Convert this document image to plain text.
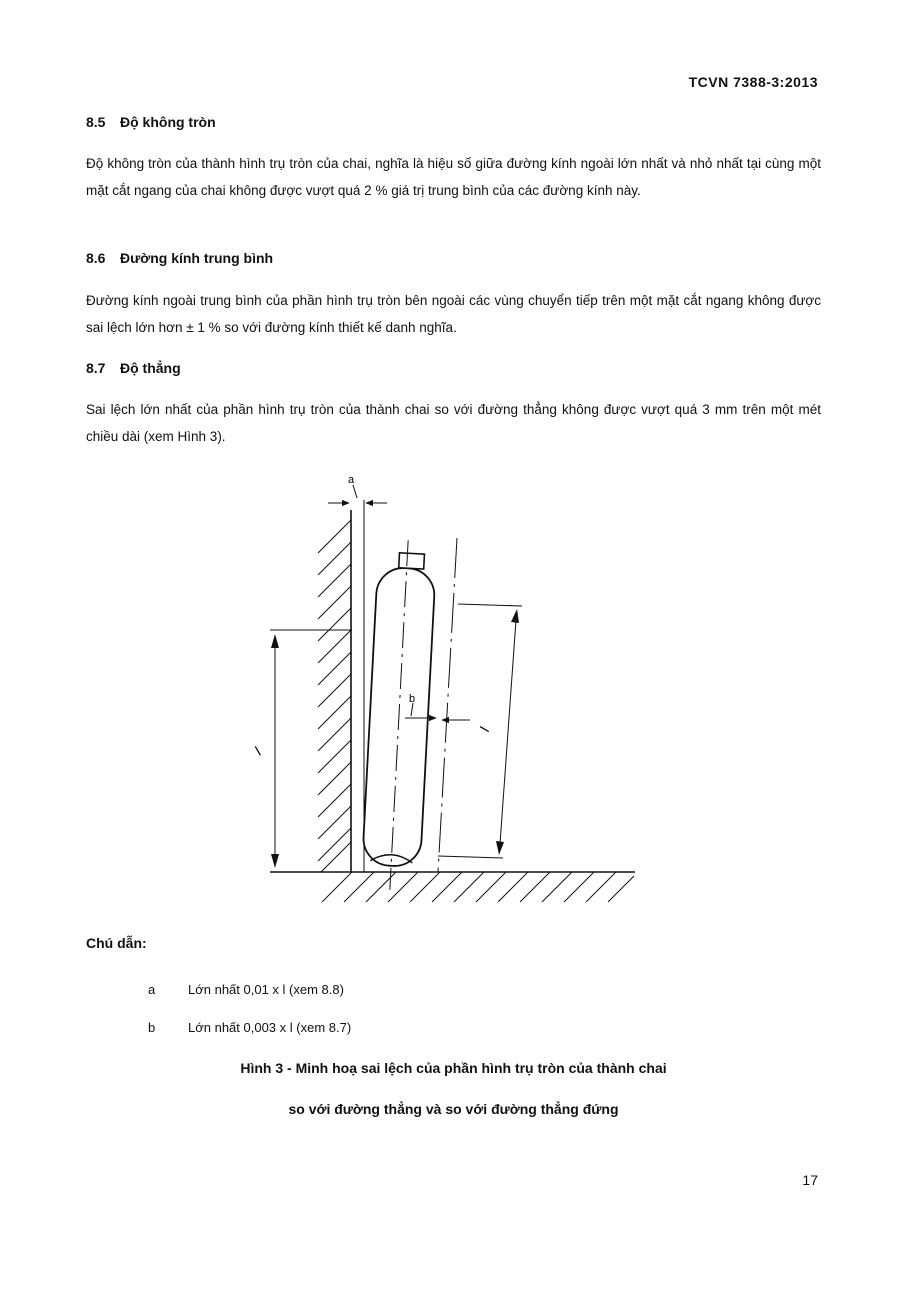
TCVN 7388-3:2013
8.5 Độ không tròn

Độ không tròn của thành hình trụ tròn của chai, nghĩa là hiệu số giữa đường kính ngoài lớn nhất và nhỏ nhất tại cùng một mặt cắt ngang của chai không được vượt quá 2 % giá trị trung bình của các đường kính này.

8.6 Đường kính trung bình

Đường kính ngoài trung bình của phần hình trụ tròn bên ngoài các vùng chuyển tiếp trên một mặt cắt ngang không được sai lệch lớn hơn ± 1 % so với đường kính thiết kế danh nghĩa.

8.7 Độ thẳng

Sai lệch lớn nhất của phần hình trụ tròn của thành chai so với đường thẳng không được vượt quá 3 mm trên một mét chiều dài (xem Hình 3).

a
b
l
l
Chú dẫn:
a	Lớn nhất 0,01 x l (xem 8.8)
b	Lớn nhất 0,003 x l (xem 8.7)
Hình 3 - Minh hoạ sai lệch của phần hình trụ tròn của thành chai
so với đường thẳng và so với đường thẳng đứng
17
